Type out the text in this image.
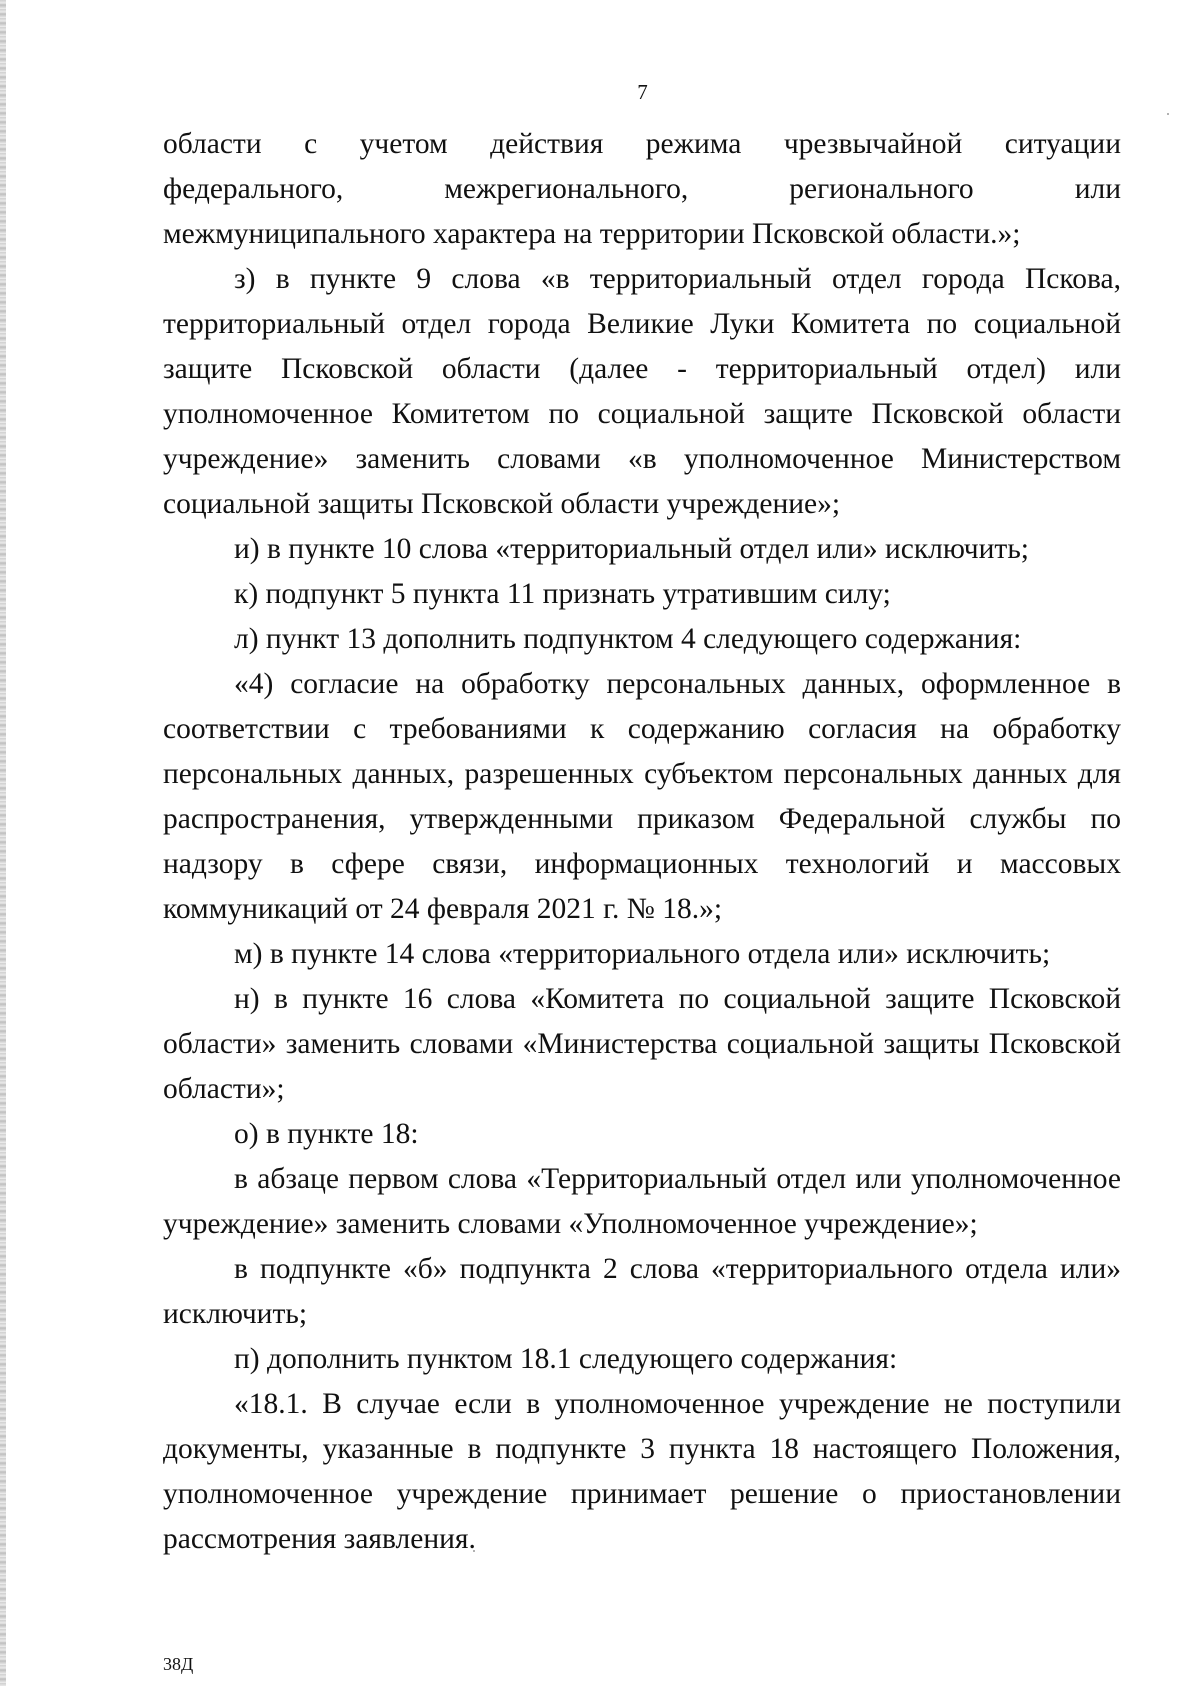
7

области с учетом действия режима чрезвычайной ситуации
федерального, межрегионального, регионального или
межмуниципального характера на территории Псковской области.»;

з) в пункте 9 слова «в территориальный отдел города Пскова, территориальный отдел города Великие Луки Комитета по социальной защите Псковской области (далее - территориальный отдел) или уполномоченное Комитетом по социальной защите Псковской области учреждение» заменить словами «в уполномоченное Министерством социальной защиты Псковской области учреждение»;

и) в пункте 10 слова «территориальный отдел или» исключить;

к) подпункт 5 пункта 11 признать утратившим силу;

л) пункт 13 дополнить подпунктом 4 следующего содержания:

«4) согласие на обработку персональных данных, оформленное в соответствии с требованиями к содержанию согласия на обработку персональных данных, разрешенных субъектом персональных данных для распространения, утвержденными приказом Федеральной службы по надзору в сфере связи, информационных технологий и массовых коммуникаций от 24 февраля 2021 г. № 18.»;

м) в пункте 14 слова «территориального отдела или» исключить;

н) в пункте 16 слова «Комитета по социальной защите Псковской области» заменить словами «Министерства социальной защиты Псковской области»;

о) в пункте 18:

в абзаце первом слова «Территориальный отдел или уполномоченное учреждение» заменить словами «Уполномоченное учреждение»;

в подпункте «б» подпункта 2 слова «территориального отдела или» исключить;

п) дополнить пунктом 18.1 следующего содержания:

«18.1. В случае если в уполномоченное учреждение не поступили документы, указанные в подпункте 3 пункта 18 настоящего Положения, уполномоченное учреждение принимает решение о приостановлении рассмотрения заявления.

38Д
